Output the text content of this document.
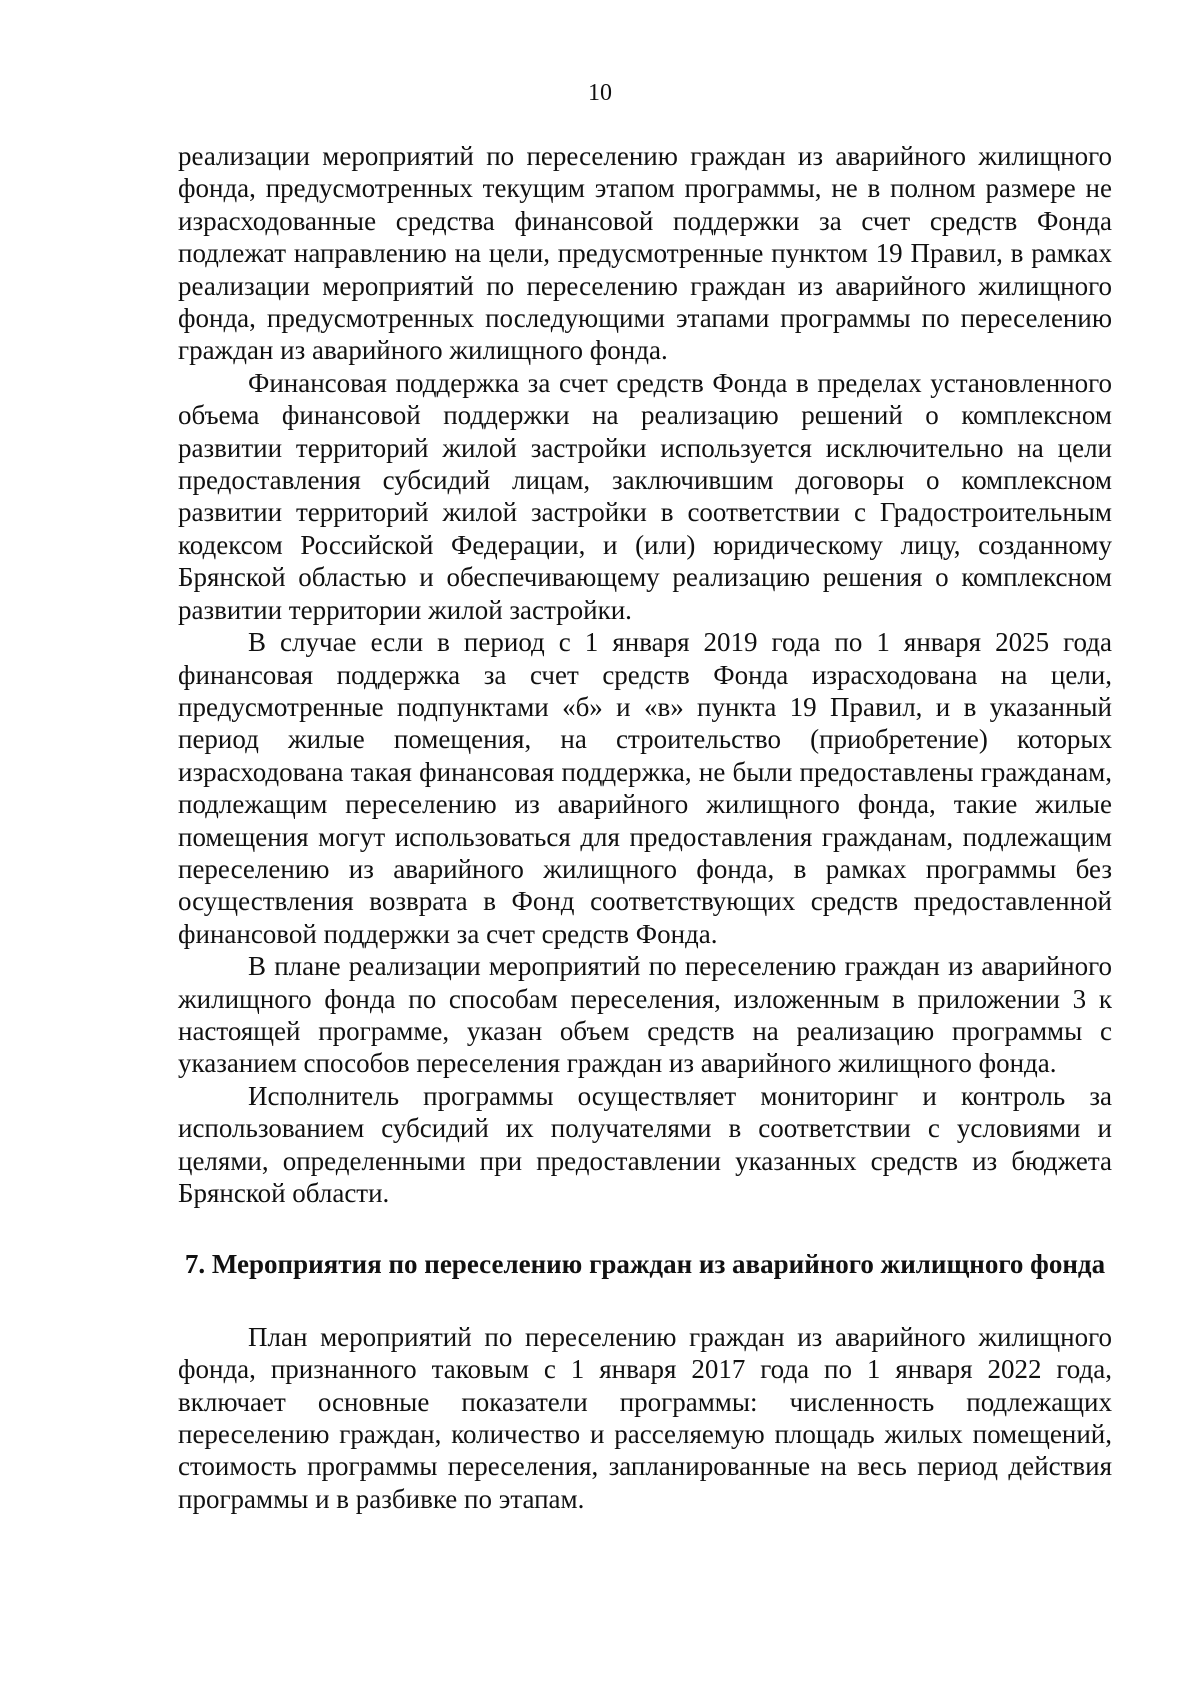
10

реализации мероприятий по переселению граждан из аварийного жилищного фонда, предусмотренных текущим этапом программы, не в полном размере не израсходованные средства финансовой поддержки за счет средств Фонда подлежат направлению на цели, предусмотренные пунктом 19 Правил, в рамках реализации мероприятий по переселению граждан из аварийного жилищного фонда, предусмотренных последующими этапами программы по переселению граждан из аварийного жилищного фонда.

Финансовая поддержка за счет средств Фонда в пределах установленного объема финансовой поддержки на реализацию решений о комплексном развитии территорий жилой застройки используется исключительно на цели предоставления субсидий лицам, заключившим договоры о комплексном развитии территорий жилой застройки в соответствии с Градостроительным кодексом Российской Федерации, и (или) юридическому лицу, созданному Брянской областью и обеспечивающему реализацию решения о комплексном развитии территории жилой застройки.

В случае если в период с 1 января 2019 года по 1 января 2025 года финансовая поддержка за счет средств Фонда израсходована на цели, предусмотренные подпунктами «б» и «в» пункта 19 Правил, и в указанный период жилые помещения, на строительство (приобретение) которых израсходована такая финансовая поддержка, не были предоставлены гражданам, подлежащим переселению из аварийного жилищного фонда, такие жилые помещения могут использоваться для предоставления гражданам, подлежащим переселению из аварийного жилищного фонда, в рамках программы без осуществления возврата в Фонд соответствующих средств предоставленной финансовой поддержки за счет средств Фонда.

В плане реализации мероприятий по переселению граждан из аварийного жилищного фонда по способам переселения, изложенным в приложении 3 к настоящей программе, указан объем средств на реализацию программы с указанием способов переселения граждан из аварийного жилищного фонда.

Исполнитель программы осуществляет мониторинг и контроль за использованием субсидий их получателями в соответствии с условиями и целями, определенными при предоставлении указанных средств из бюджета Брянской области.

7. Мероприятия по переселению граждан из аварийного жилищного фонда

План мероприятий по переселению граждан из аварийного жилищного фонда, признанного таковым с 1 января 2017 года по 1 января 2022 года, включает основные показатели программы: численность подлежащих переселению граждан, количество и расселяемую площадь жилых помещений, стоимость программы переселения, запланированные на весь период действия программы и в разбивке по этапам.
